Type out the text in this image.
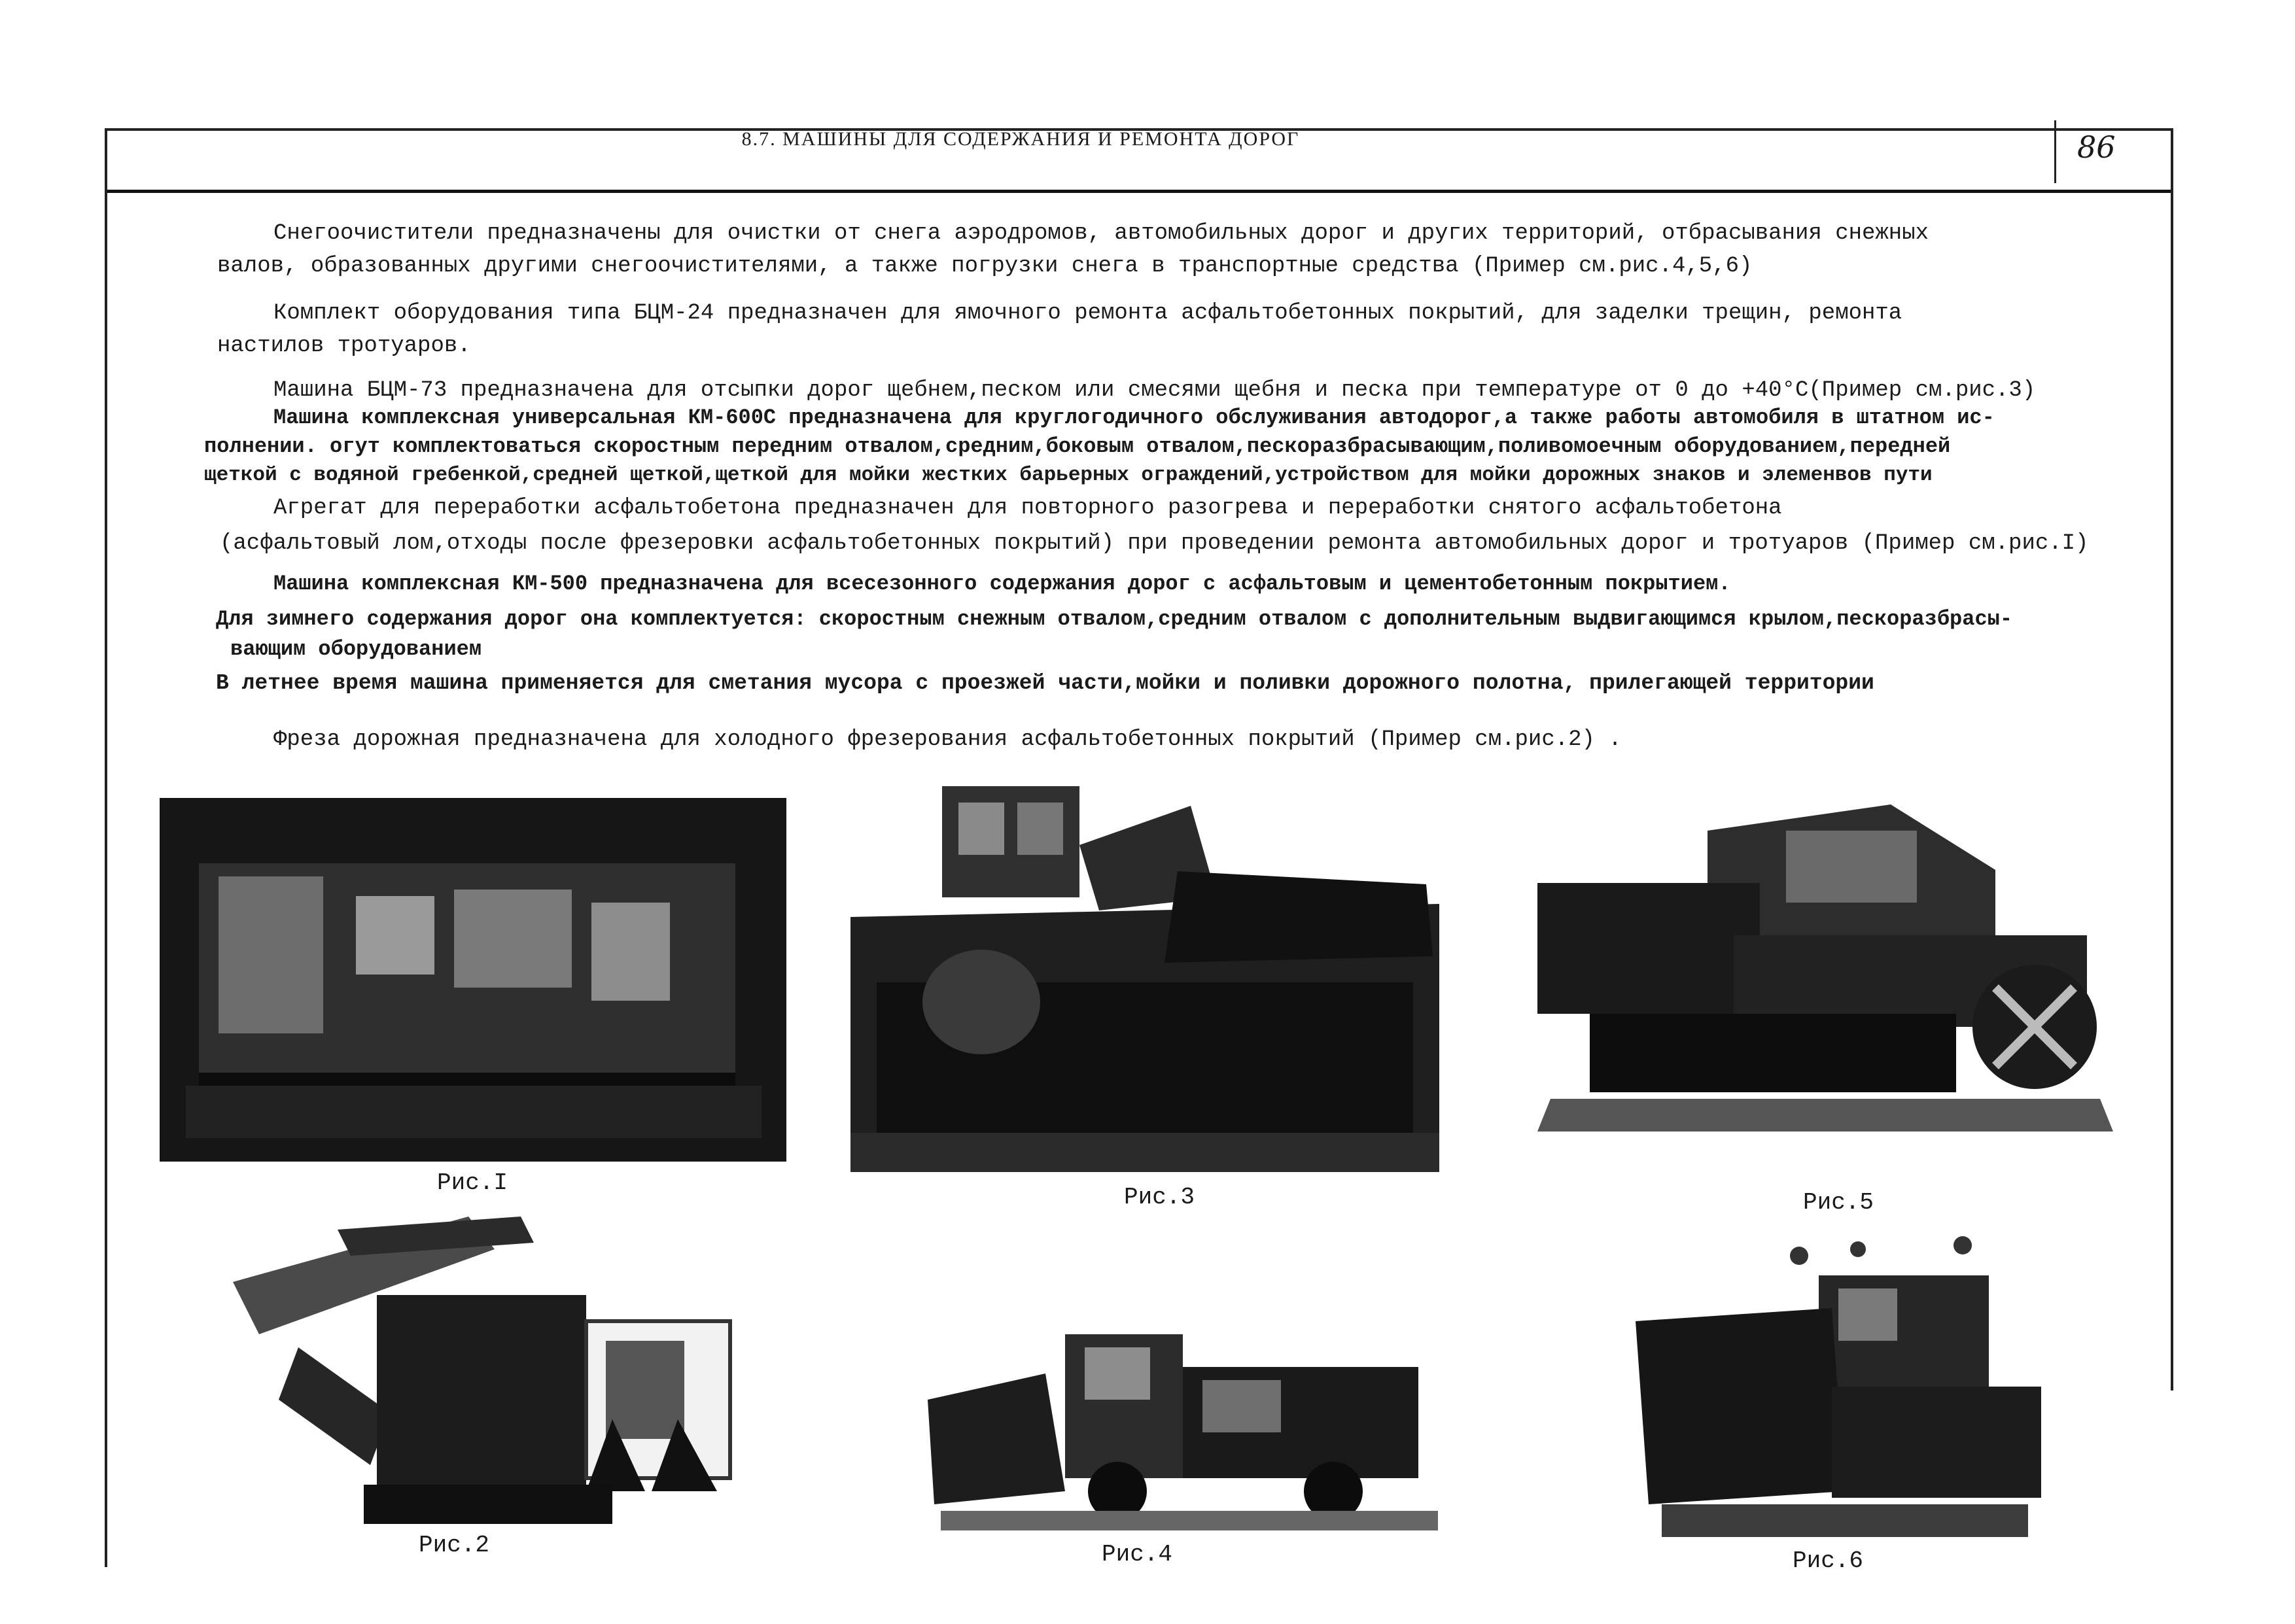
8.7. МАШИНЫ ДЛЯ СОДЕРЖАНИЯ И РЕМОНТА ДОРОГ	86
Снегоочистители предназначены для очистки от снега аэродромов, автомобильных дорог и других территорий, отбрасывания снежных
валов, образованных другими снегоочистителями, а также погрузки снега в транспортные средства (Пример см.рис.4,5,6)
Комплект оборудования типа БЦМ-24 предназначен для ямочного ремонта асфальтобетонных покрытий, для заделки трещин, ремонта
настилов тротуаров.
Машина БЦМ-73 предназначена для отсыпки дорог щебнем,песком или смесями щебня и песка при температуре от 0 до +40°С(Пример см.рис.3)
Машина комплексная универсальная КМ-600С предназначена для круглогодичного обслуживания автодорог,а также работы автомобиля в штатном ис-
полнении. огут комплектоваться скоростным передним отвалом,средним,боковым отвалом,пескоразбрасывающим,поливомоечным оборудованием,передней
щеткой с водяной гребенкой,средней щеткой,щеткой для мойки жестких барьерных ограждений,устройством для мойки дорожных знаков и элеменвов пути
Агрегат для переработки асфальтобетона предназначен для повторного разогрева и переработки снятого асфальтобетона
(асфальтовый лом,отходы после фрезеровки асфальтобетонных покрытий) при проведении ремонта автомобильных дорог и тротуаров (Пример см.рис.I)
Машина комплексная КМ-500 предназначена для всесезонного содержания дорог с асфальтовым и цементобетонным покрытием.
Для зимнего содержания дорог она комплектуется: скоростным снежным отвалом,средним отвалом с дополнительным выдвигающимся крылом,пескоразбрасы-
вающим оборудованием
В летнее время машина применяется для сметания мусора с проезжей части,мойки и поливки дорожного полотна, прилегающей территории
Фреза дорожная предназначена для холодного фрезерования асфальтобетонных покрытий (Пример см.рис.2) .
Рис.I
Рис.3	Рис.5
Рис.2	Рис.4	Рис.6
